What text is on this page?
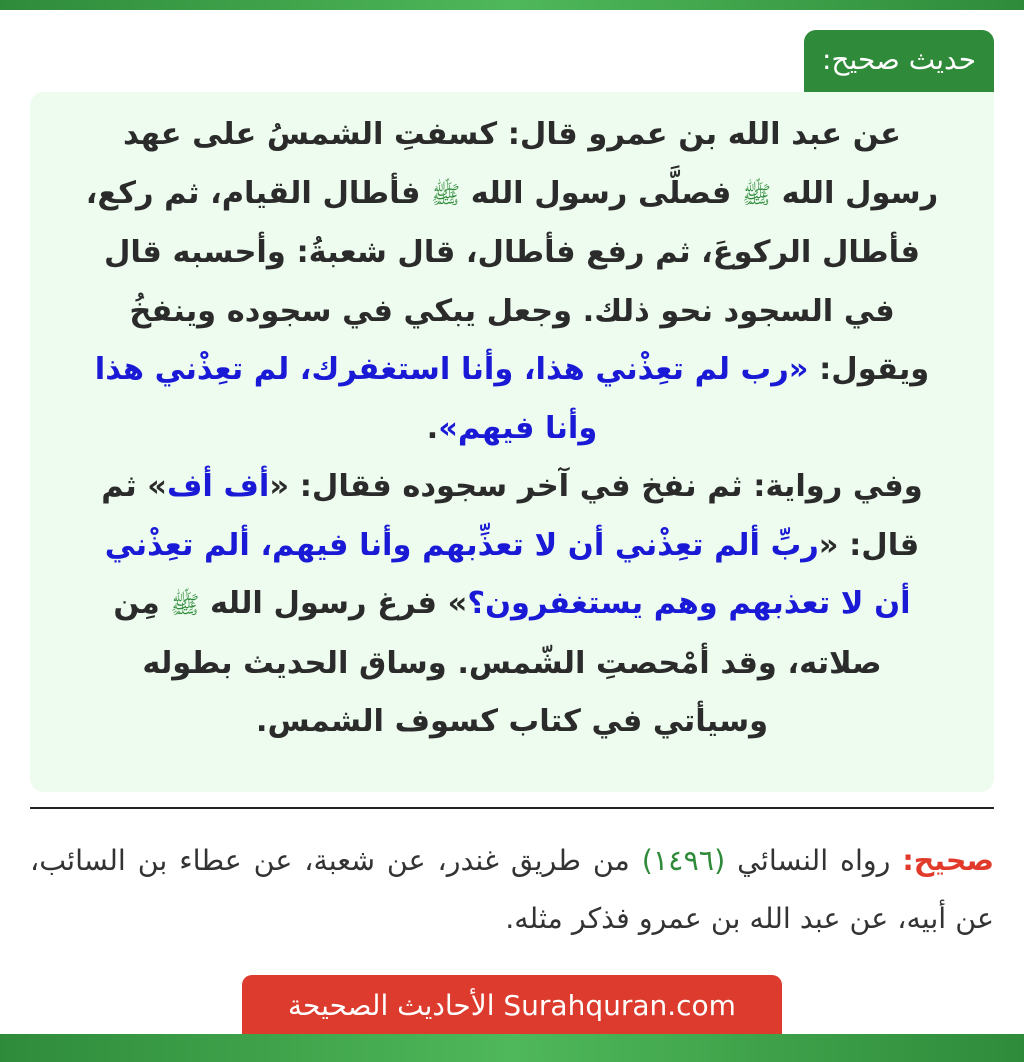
حديث صحيح:

عن عبد الله بن عمرو قال: كسفتِ الشمسُ على عهد
رسول الله ﷺ فصلَّى رسول الله ﷺ فأطال القيام، ثم ركع،
فأطال الركوعَ، ثم رفع فأطال، قال شعبةُ: وأحسبه قال
في السجود نحو ذلك. وجعل يبكي في سجوده وينفخُ
ويقول: «رب لم تعِذْني هذا، وأنا استغفرك، لم تعِذْني هذا
وأنا فيهم».
وفي رواية: ثم نفخ في آخر سجوده فقال: «أف أف» ثم
قال: «ربِّ ألم تعِذْني أن لا تعذِّبهم وأنا فيهم، ألم تعِذْني
أن لا تعذبهم وهم يستغفرون؟» فرغ رسول الله ﷺ مِن
صلاته، وقد أمْحصتِ الشّمس. وساق الحديث بطوله
وسيأتي في كتاب كسوف الشمس.

صحيح: رواه النسائي (١٤٩٦) من طريق غندر، عن شعبة، عن عطاء بن السائب، عن أبيه، عن عبد الله بن عمرو فذكر مثله.

الأحاديث الصحيحة Surahquran.com
